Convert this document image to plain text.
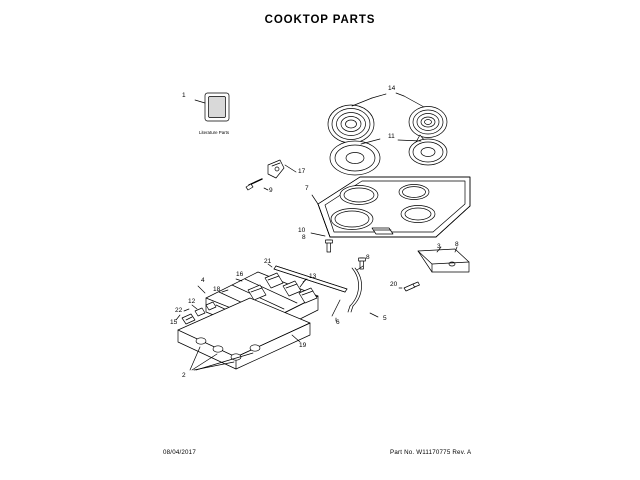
COOKTOP PARTS
1
2
3
4
5
6
7
8
8
8
9
10
11
12
13
14
15
16
17
18
19
20
21
22
Literature Parts
08/04/2017	Part No. W11170775 Rev. A
